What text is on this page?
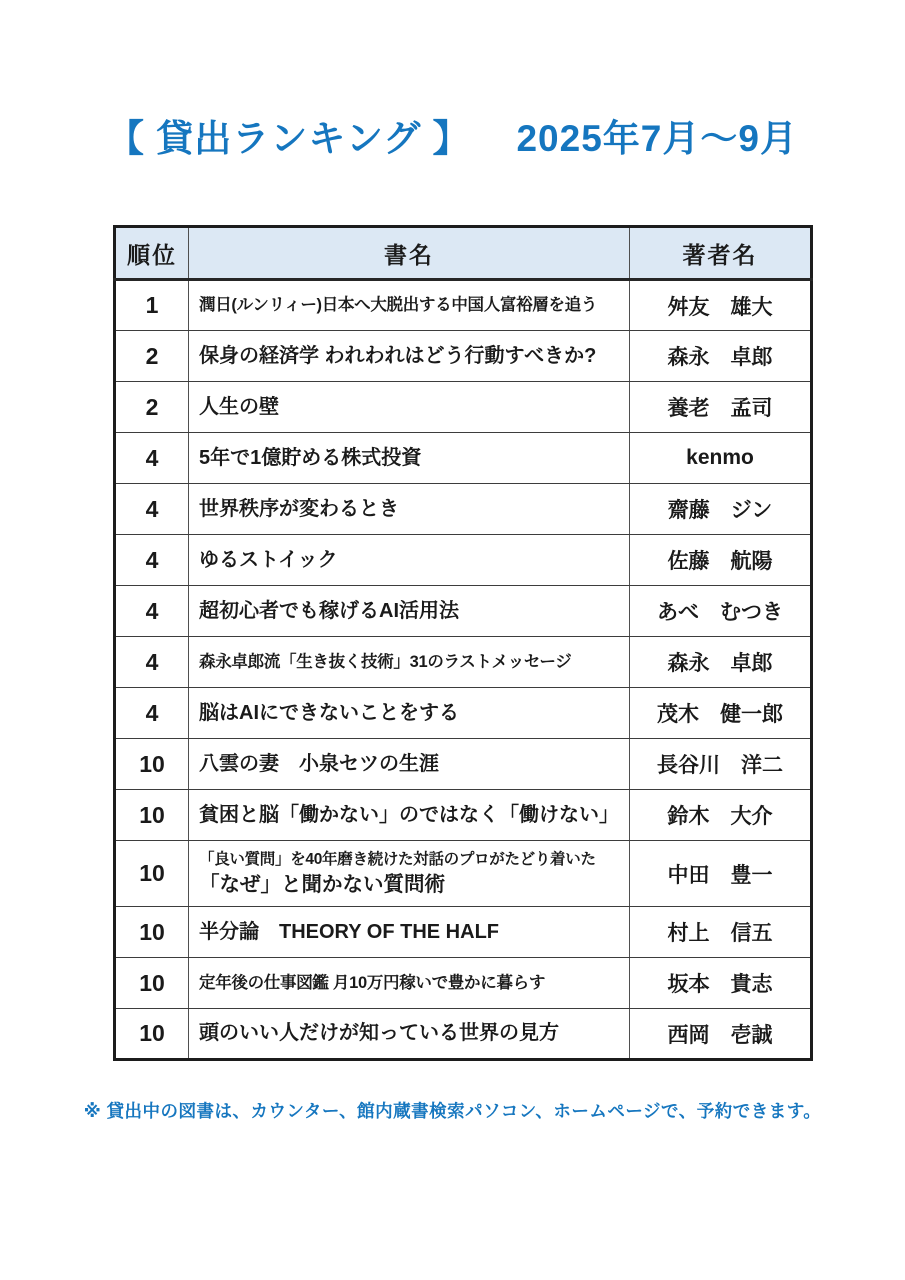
【 貸出ランキング 】 2025年7月～9月
順位	書名	著者名
1	潤日(ルンリィー)日本へ大脱出する中国人富裕層を追う	舛友　雄大
2	保身の経済学 われわれはどう行動すべきか?	森永　卓郎
2	人生の壁	養老　孟司
4	5年で1億貯める株式投資	kenmo
4	世界秩序が変わるとき	齋藤　ジン
4	ゆるストイック	佐藤　航陽
4	超初心者でも稼げるAI活用法	あべ　むつき
4	森永卓郎流「生き抜く技術」31のラストメッセージ	森永　卓郎
4	脳はAIにできないことをする	茂木　健一郎
10	八雲の妻　小泉セツの生涯	長谷川　洋二
10	貧困と脳「働かない」のではなく「働けない」	鈴木　大介
10	「良い質問」を40年磨き続けた対話のプロがたどり着いた
「なぜ」と聞かない質問術	中田　豊一
10	半分論　THEORY OF THE HALF	村上　信五
10	定年後の仕事図鑑 月10万円稼いで豊かに暮らす	坂本　貴志
10	頭のいい人だけが知っている世界の見方	西岡　壱誠
※ 貸出中の図書は、カウンター、館内蔵書検索パソコン、ホームページで、予約できます。
